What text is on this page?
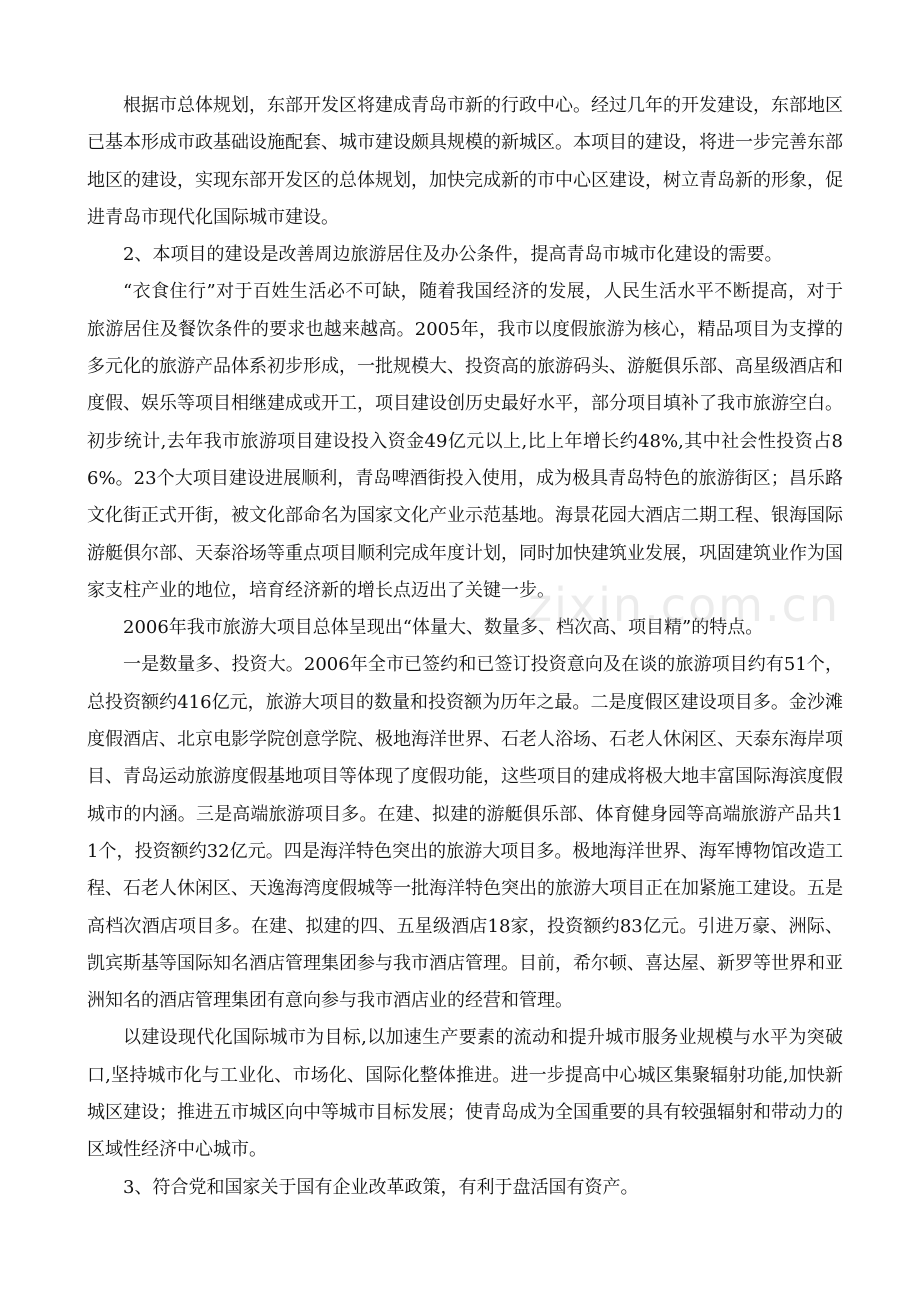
根据市总体规划，东部开发区将建成青岛市新的行政中心。经过几年的开发建设，东部地区已基本形成市政基础设施配套、城市建设颇具规模的新城区。本项目的建设，将进一步完善东部地区的建设，实现东部开发区的总体规划，加快完成新的市中心区建设，树立青岛新的形象，促进青岛市现代化国际城市建设。

2、本项目的建设是改善周边旅游居住及办公条件，提高青岛市城市化建设的需要。

“衣食住行”对于百姓生活必不可缺，随着我国经济的发展，人民生活水平不断提高，对于旅游居住及餐饮条件的要求也越来越高。2005年，我市以度假旅游为核心，精品项目为支撑的多元化的旅游产品体系初步形成，一批规模大、投资高的旅游码头、游艇俱乐部、高星级酒店和度假、娱乐等项目相继建成或开工，项目建设创历史最好水平，部分项目填补了我市旅游空白。初步统计,去年我市旅游项目建设投入资金49亿元以上,比上年增长约48%,其中社会性投资占86%。23个大项目建设进展顺利，青岛啤酒街投入使用，成为极具青岛特色的旅游街区；昌乐路文化街正式开街，被文化部命名为国家文化产业示范基地。海景花园大酒店二期工程、银海国际游艇俱尔部、天泰浴场等重点项目顺利完成年度计划，同时加快建筑业发展，巩固建筑业作为国家支柱产业的地位，培育经济新的增长点迈出了关键一步。

2006年我市旅游大项目总体呈现出“体量大、数量多、档次高、项目精”的特点。

一是数量多、投资大。2006年全市已签约和已签订投资意向及在谈的旅游项目约有51个，总投资额约416亿元，旅游大项目的数量和投资额为历年之最。二是度假区建设项目多。金沙滩度假酒店、北京电影学院创意学院、极地海洋世界、石老人浴场、石老人休闲区、天泰东海岸项目、青岛运动旅游度假基地项目等体现了度假功能，这些项目的建成将极大地丰富国际海滨度假城市的内涵。三是高端旅游项目多。在建、拟建的游艇俱乐部、体育健身园等高端旅游产品共11个，投资额约32亿元。四是海洋特色突出的旅游大项目多。极地海洋世界、海军博物馆改造工程、石老人休闲区、天逸海湾度假城等一批海洋特色突出的旅游大项目正在加紧施工建设。五是高档次酒店项目多。在建、拟建的四、五星级酒店18家，投资额约83亿元。引进万豪、洲际、凯宾斯基等国际知名酒店管理集团参与我市酒店管理。目前，希尔顿、喜达屋、新罗等世界和亚洲知名的酒店管理集团有意向参与我市酒店业的经营和管理。

以建设现代化国际城市为目标,以加速生产要素的流动和提升城市服务业规模与水平为突破口,坚持城市化与工业化、市场化、国际化整体推进。进一步提高中心城区集聚辐射功能,加快新城区建设；推进五市城区向中等城市目标发展；使青岛成为全国重要的具有较强辐射和带动力的区域性经济中心城市。

3、符合党和国家关于国有企业改革政策，有利于盘活国有资产。

zixin.com.cn
